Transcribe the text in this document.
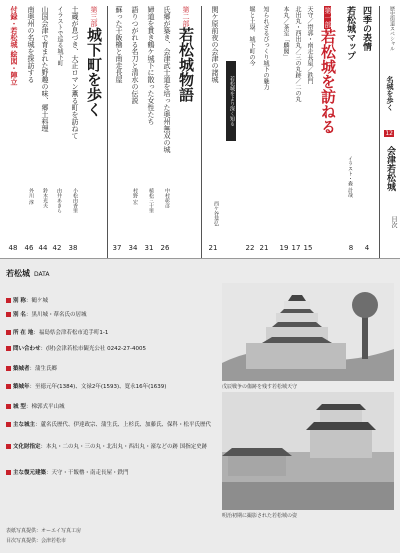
目次
会津若松城
12
名城を歩く
歴史街道スペシャル
四季の表情
4
若松城マップ
イラスト・森 計哉
8
第一部若松城を訪ねる
天守／帯郭・南走長屋／鉄門
15
北出丸・西出丸／三の丸跡／二の丸
17
本丸／茶室「麟閣」
19
知られざるびっくり城下の魅力
21
堀と土塁、城下町の今
22
若松城をより深く知る
関ケ原前夜の会津の諸城
西ケ谷恭弘
21
第二部若松城物語
氏郷が築き、会津武士道を培った奥州無双の城
中村彰彦
26
婦道を貫き鶴ケ城下に散った女性たち
植松三十里
31
語りつがれる名刀と清水の伝説
村野 宏
34
蘇った干飯櫓と南走長屋
37
第三部城下町を歩く
土蔵が息づき、大正ロマン薫る町を訪ねて
小松由香里
38
イラストで巡る城下町
由井あきら
42
山国会津で育まれた野趣の味、郷土料理
鈴木光夫
44
南奥州の名城を探訪する
外川 淳
46
付録・若松城 絵図・陣立
48
若松城 DATA
別 称：鶴ケ城
別 名：黒川城・葦名氏の居城
所 在 地：福島県会津若松市追手町1-1
問い合わせ：(財)会津若松市観光公社 0242-27-4005
築城者：蒲生氏郷
築城年：至徳元年(1384)、文禄2年(1593)、寛永16年(1639)
城 型：梯郭式平山城
主な城主：蘆名氏歴代、伊達政宗、蒲生氏、上杉氏、加藤氏、保科・松平氏歴代
文化財指定：本丸・二の丸・三の丸・北出丸・西出丸・濠などの跡 国指定史跡
主な復元建築：天守・干飯櫓・南走長屋・鉄門
表紙写真提供：オーエイ写真工房
目次写真提供：会津若松市
戊辰戦争の傷跡を残す若松城天守
明治初期に撮影された若松城の姿
